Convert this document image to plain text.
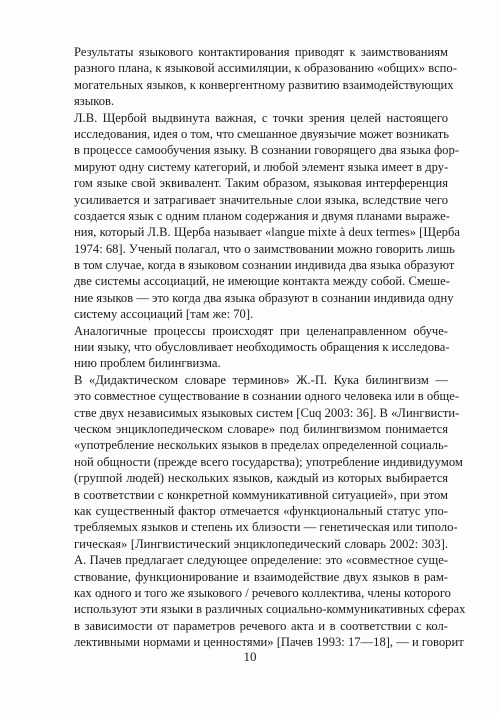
Результаты языкового контактирования приводят к заимствованиям
разного плана, к языковой ассимиляции, к образованию «общих» вспо-
могательных языков, к конвергентному развитию взаимодействующих
языков.
Л.В. Щербой выдвинута важная, с точки зрения целей настоящего
исследования, идея о том, что смешанное двуязычие может возникать
в процессе самообучения языку. В сознании говорящего два языка фор-
мируют одну систему категорий, и любой элемент языка имеет в дру-
гом языке свой эквивалент. Таким образом, языковая интерференция
усиливается и затрагивает значительные слои языка, вследствие чего
создается язык с одним планом содержания и двумя планами выраже-
ния, который Л.В. Щерба называет «langue mixte à deux termes» [Щерба
1974: 68]. Ученый полагал, что о заимствовании можно говорить лишь
в том случае, когда в языковом сознании индивида два языка образуют
две системы ассоциаций, не имеющие контакта между собой. Смеше-
ние языков — это когда два языка образуют в сознании индивида одну
систему ассоциаций [там же: 70].
Аналогичные процессы происходят при целенаправленном обуче-
нии языку, что обусловливает необходимость обращения к исследова-
нию проблем билингвизма.
В «Дидактическом словаре терминов» Ж.-П. Кука билингвизм —
это совместное существование в сознании одного человека или в обще-
стве двух независимых языковых систем [Cuq 2003: 36]. В «Лингвисти-
ческом энциклопедическом словаре» под билингвизмом понимается
«употребление нескольких языков в пределах определенной социаль-
ной общности (прежде всего государства); употребление индивидуумом
(группой людей) нескольких языков, каждый из которых выбирается
в соответствии с конкретной коммуникативной ситуацией», при этом
как существенный фактор отмечается «функциональный статус упо-
требляемых языков и степень их близости — генетическая или типоло-
гическая» [Лингвистический энциклопедический словарь 2002: 303].
А. Пачев предлагает следующее определение: это «совместное суще-
ствование, функционирование и взаимодействие двух языков в рам-
ках одного и того же языкового / речевого коллектива, члены которого
используют эти языки в различных социально-коммуникативных сферах
в зависимости от параметров речевого акта и в соответствии с кол-
лективными нормами и ценностями» [Пачев 1993: 17—18], — и говорит
10
